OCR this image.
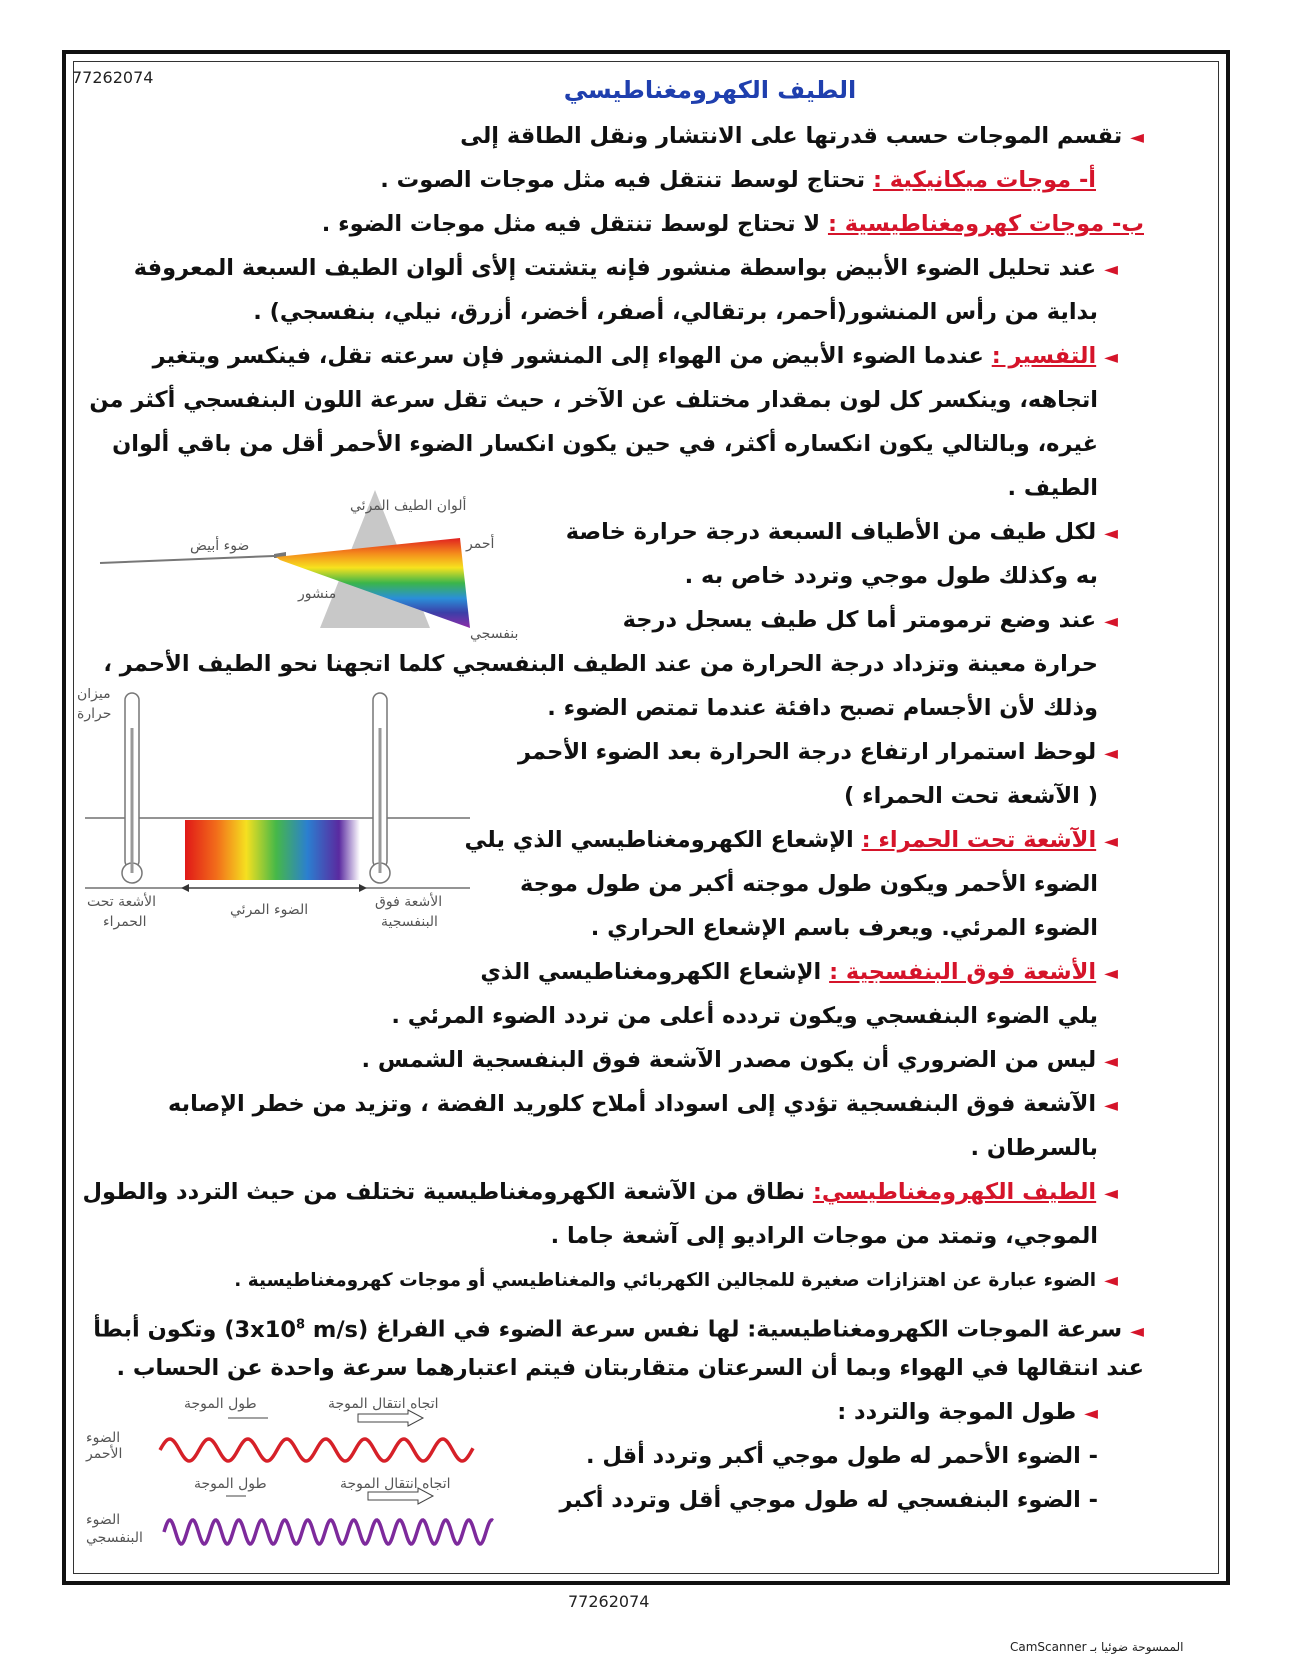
77262074	الطيف الكهرومغناطيسي
◄تقسم الموجات حسب قدرتها على الانتشار ونقل الطاقة إلى
أ- موجات ميكانيكية : تحتاج لوسط تنتقل فيه مثل موجات الصوت .
ب- موجات كهرومغناطيسية : لا تحتاج لوسط تنتقل فيه مثل موجات الضوء .
◄عند تحليل الضوء الأبيض بواسطة منشور فإنه يتشتت إلأى ألوان الطيف السبعة المعروفة
بداية من رأس المنشور(أحمر، برتقالي، أصفر، أخضر، أزرق، نيلي، بنفسجي) .
◄التفسير : عندما الضوء الأبيض من الهواء إلى المنشور فإن سرعته تقل، فينكسر ويتغير
اتجاهه، وينكسر كل لون بمقدار مختلف عن الآخر ، حيث تقل سرعة اللون البنفسجي أكثر من
غيره، وبالتالي يكون انكساره أكثر، في حين يكون انكسار الضوء الأحمر أقل من باقي ألوان
الطيف .
◄لكل طيف من الأطياف السبعة درجة حرارة خاصة
به وكذلك طول موجي وتردد خاص به .
◄عند وضع ترمومتر أما كل طيف يسجل درجة
حرارة معينة وتزداد درجة الحرارة من عند الطيف البنفسجي كلما اتجهنا نحو الطيف الأحمر ،
وذلك لأن الأجسام تصبح دافئة عندما تمتص الضوء .
◄لوحظ استمرار ارتفاع درجة الحرارة بعد الضوء الأحمر
( الآشعة تحت الحمراء )
◄الآشعة تحت الحمراء : الإشعاع الكهرومغناطيسي الذي يلي
الضوء الأحمر ويكون طول موجته أكبر من طول موجة
الضوء المرئي. ويعرف باسم الإشعاع الحراري .
◄الأشعة فوق البنفسجية : الإشعاع الكهرومغناطيسي الذي
يلي الضوء البنفسجي ويكون تردده أعلى من تردد الضوء المرئي .
◄ليس من الضروري أن يكون مصدر الآشعة فوق البنفسجية الشمس .
◄الآشعة فوق البنفسجية تؤدي إلى اسوداد أملاح كلوريد الفضة ، وتزيد من خطر الإصابه
بالسرطان .
◄الطيف الكهرومغناطيسي: نطاق من الآشعة الكهرومغناطيسية تختلف من حيث التردد والطول
الموجي، وتمتد من موجات الراديو إلى آشعة جاما .
◄الضوء عبارة عن اهتزازات صغيرة للمجالين الكهربائي والمغناطيسي أو موجات كهرومغناطيسية .
◄سرعة الموجات الكهرومغناطيسية: لها نفس سرعة الضوء في الفراغ ($3x10^8$ m/s) وتكون أبطأ
عند انتقالها في الهواء وبما أن السرعتان متقاربتان فيتم اعتبارهما سرعة واحدة عن الحساب .
◄طول الموجة والتردد :
- الضوء الأحمر له طول موجي أكبر وتردد أقل .
- الضوء البنفسجي له طول موجي أقل وتردد أكبر
ضوء أبيض
ألوان الطيف المرئي
أحمر
منشور
بنفسجي
ميزان
حرارة
الأشعة تحت
الحمراء
الضوء المرئي	الأشعة فوق
البنفسجية
طول الموجة	اتجاه انتقال الموجة
الضوء
الأحمر
طول الموجة	اتجاه انتقال الموجة
الضوء
البنفسجي
77262074
الممسوحة ضوئيا بـ CamScanner
